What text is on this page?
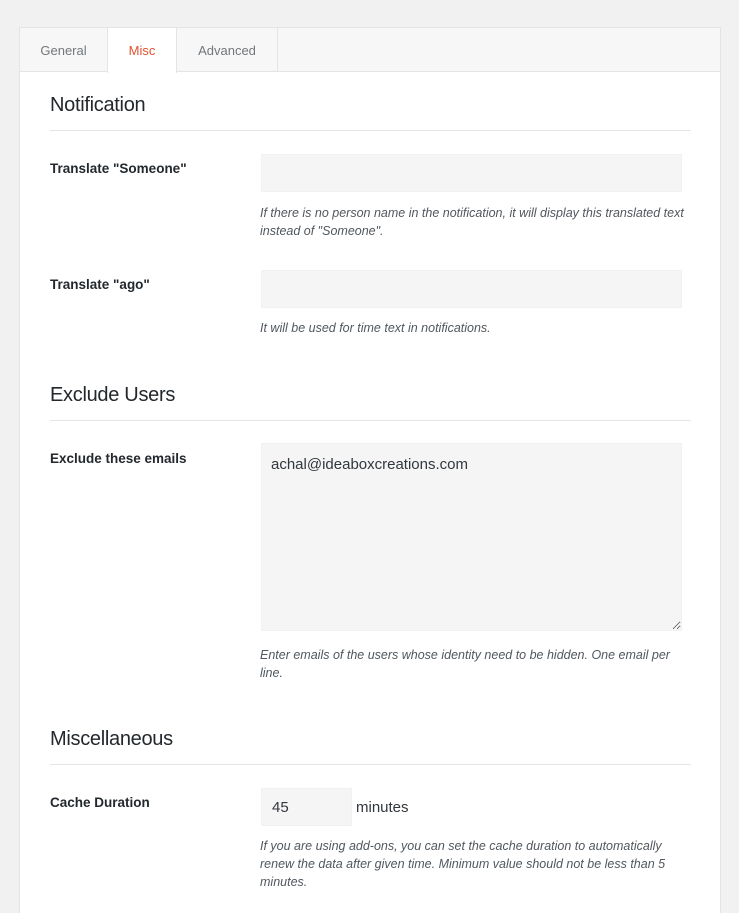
General	Misc	Advanced
Notification
Translate "Someone"
If there is no person name in the notification, it will display this translated text instead of "Someone".
Translate "ago"
It will be used for time text in notifications.
Exclude Users
Exclude these emails
achal@ideaboxcreations.com
Enter emails of the users whose identity need to be hidden. One email per line.
Miscellaneous
Cache Duration
45	minutes
If you are using add-ons, you can set the cache duration to automatically renew the data after given time. Minimum value should not be less than 5 minutes.
